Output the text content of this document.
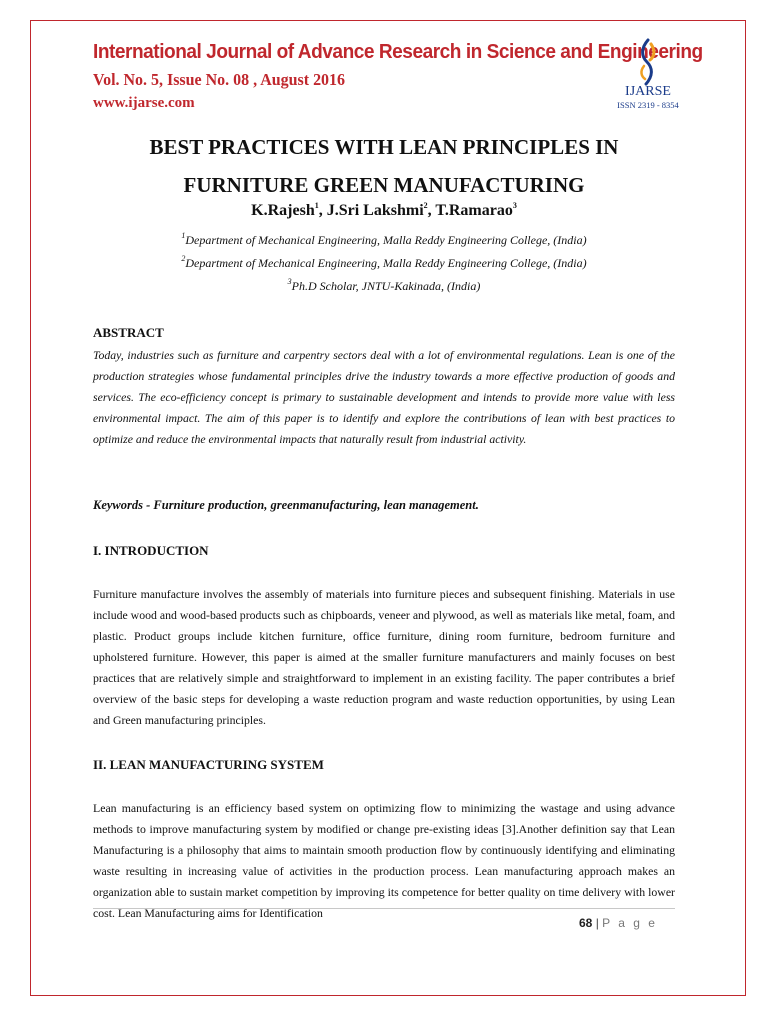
International Journal of Advance Research in Science and Engineering
Vol. No. 5, Issue No. 08 , August 2016
www.ijarse.com
IJARSE
ISSN 2319 - 8354
BEST PRACTICES WITH LEAN PRINCIPLES IN
FURNITURE GREEN MANUFACTURING
K.Rajesh$^1$, J.Sri Lakshmi$^2$, T.Ramarao$^3$
$^1$Department of Mechanical Engineering, Malla Reddy Engineering College, (India)
$^2$Department of Mechanical Engineering, Malla Reddy Engineering College, (India)
$^3$Ph.D Scholar, JNTU-Kakinada, (India)
ABSTRACT
Today, industries such as furniture and carpentry sectors deal with a lot of environmental regulations. Lean is one of the production strategies whose fundamental principles drive the industry towards a more effective production of goods and services. The eco-efficiency concept is primary to sustainable development and intends to provide more value with less environmental impact. The aim of this paper is to identify and explore the contributions of lean with best practices to optimize and reduce the environmental impacts that naturally result from industrial activity.
Keywords - Furniture production, greenmanufacturing, lean management.
I. INTRODUCTION
Furniture manufacture involves the assembly of materials into furniture pieces and subsequent finishing. Materials in use include wood and wood-based products such as chipboards, veneer and plywood, as well as materials like metal, foam, and plastic. Product groups include kitchen furniture, office furniture, dining room furniture, bedroom furniture and upholstered furniture. However, this paper is aimed at the smaller furniture manufacturers and mainly focuses on best practices that are relatively simple and straightforward to implement in an existing facility. The paper contributes a brief overview of the basic steps for developing a waste reduction program and waste reduction opportunities, by using Lean and Green manufacturing principles.
II. LEAN MANUFACTURING SYSTEM
Lean manufacturing is an efficiency based system on optimizing flow to minimizing the wastage and using advance methods to improve manufacturing system by modified or change pre-existing ideas [3].Another definition say that Lean Manufacturing is a philosophy that aims to maintain smooth production flow by continuously identifying and eliminating waste resulting in increasing value of activities in the production process. Lean manufacturing approach makes an organization able to sustain market competition by improving its competence for better quality on time delivery with lower cost. Lean Manufacturing aims for Identification
68 | P a g e
